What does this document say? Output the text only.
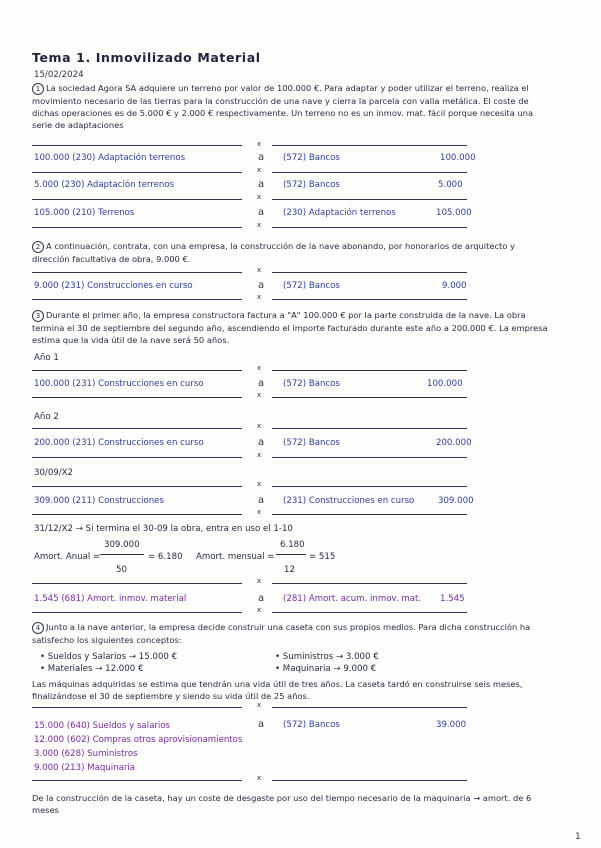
Tema 1. Inmovilizado Material
15/02/2024
1 La sociedad Agora SA adquiere un terreno por valor de 100.000 €. Para adaptar y poder utilizar el terreno, realiza el movimiento necesario de las tierras para la construcción de una nave y cierra la parcela con valla metálica. El coste de dichas operaciones es de 5.000 € y 2.000 € respectivamente. Un terreno no es un inmov. mat. fácil porque necesita una serie de adaptaciones
x
100.000 (230) Adaptación terrenos	a (572) Bancos	100.000
x
5.000 (230) Adaptación terrenos	a (572) Bancos	5.000
x
105.000 (210) Terrenos	a (230) Adaptación terrenos	105.000
x
2 A continuación, contrata, con una empresa, la construcción de la nave abonando, por honorarios de arquitecto y dirección facultativa de obra, 9.000 €.
x
9.000 (231) Construcciones en curso	a (572) Bancos	9.000
x
3 Durante el primer año, la empresa constructora factura a "A" 100.000 € por la parte construida de la nave. La obra termina el 30 de septiembre del segundo año, ascendiendo el importe facturado durante este año a 200.000 €. La empresa estima que la vida útil de la nave será 50 años.
Año 1
x
100.000 (231) Construcciones en curso	a (572) Bancos	100.000
x
Año 2
x
200.000 (231) Construcciones en curso	a (572) Bancos	200.000
x
30/09/X2
x
309.000 (211) Construcciones	a (231) Construcciones en curso	309.000
x
31/12/X2 → Si termina el 30-09 la obra, entra en uso el 1-10
Amort. Anual =
309.000
50
= 6.180 Amort. mensual =
6.180
12
= 515
x
1.545 (681) Amort. inmov. material	a (281) Amort. acum. inmov. mat. 1.545
x
4 Junto a la nave anterior, la empresa decide construir una caseta con sus propios medios. Para dicha construcción ha satisfecho los siguientes conceptos:
• Sueldos y Salarios → 15.000 €
• Materiales → 12.000 €
• Suministros → 3.000 €
• Maquinaria → 9.000 €
Las máquinas adquiridas se estima que tendrán una vida útil de tres años. La caseta tardó en construirse seis meses, finalizándose el 30 de septiembre y siendo su vida útil de 25 años.
x
15.000 (640) Sueldos y salarios	a (572) Bancos	39.000
12.000 (602) Compras otros aprovisionamientos
3.000 (628) Suministros
9.000 (213) Maquinaria
x
De la construcción de la caseta, hay un coste de desgaste por uso del tiempo necesario de la maquinaria → amort. de 6 meses
1
